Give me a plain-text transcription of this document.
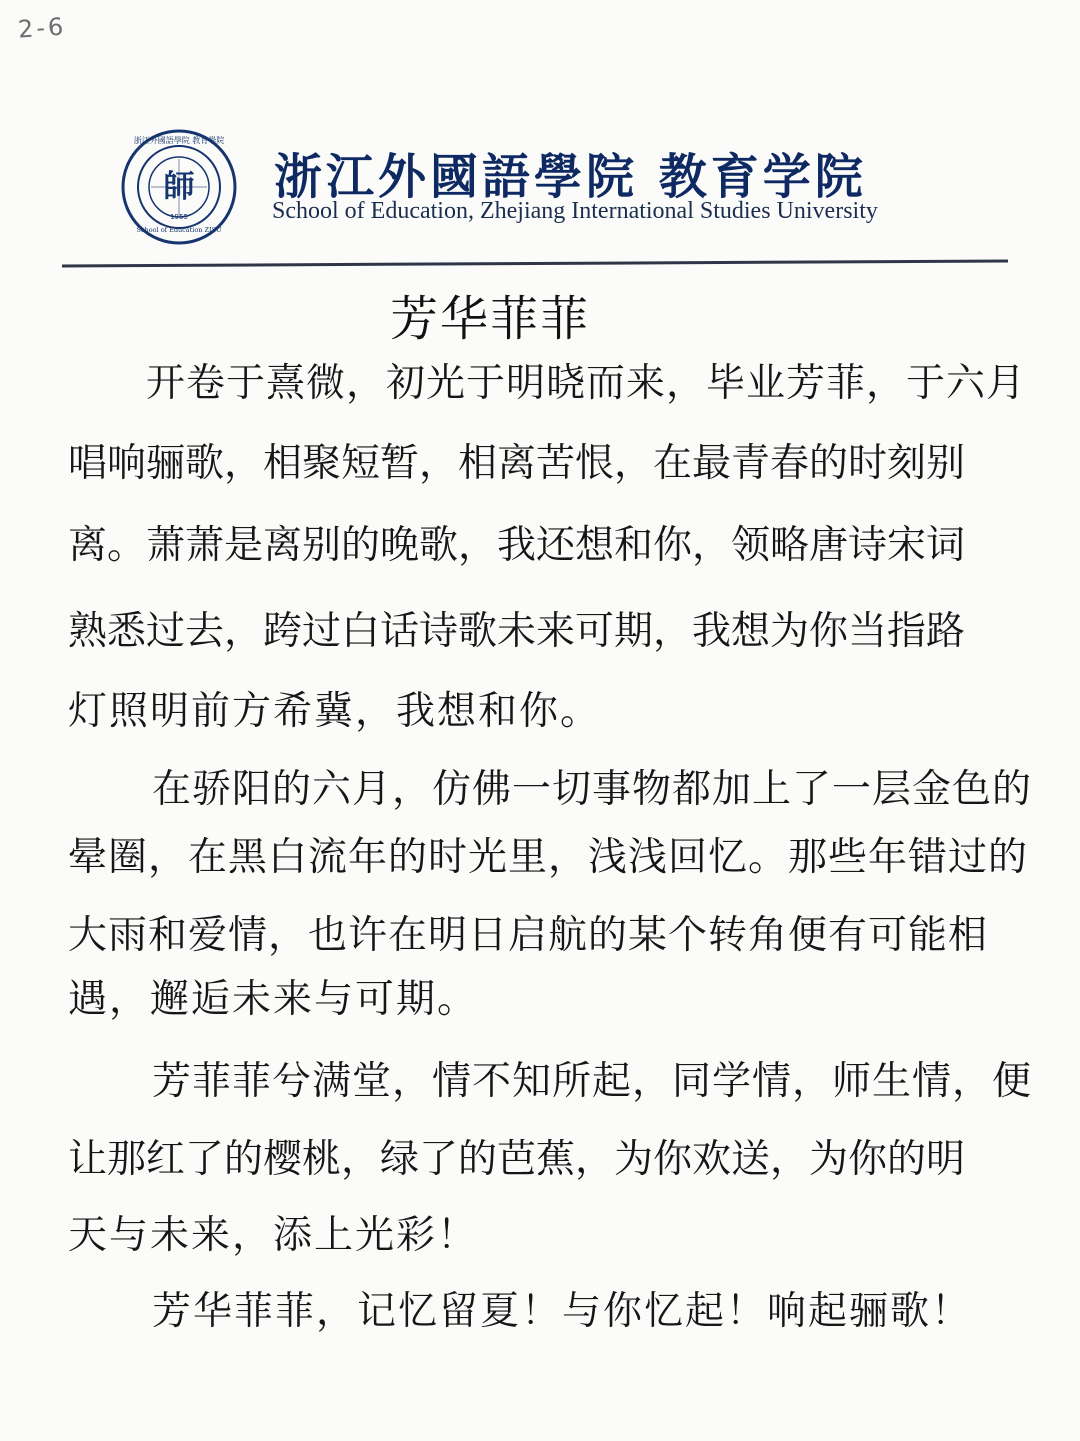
2-6
師
1955
School of Education ZISU
浙江外國語學院 教育學院
浙江外國語學院 教育学院
School of Education, Zhejiang International Studies University
芳华菲菲
开卷于熹微，初光于明晓而来，毕业芳菲，于六月
唱响骊歌，相聚短暂，相离苦恨，在最青春的时刻别
离。萧萧是离别的晚歌，我还想和你，领略唐诗宋词
熟悉过去，跨过白话诗歌未来可期，我想为你当指路
灯照明前方希冀，我想和你。
在骄阳的六月，仿佛一切事物都加上了一层金色的
晕圈，在黑白流年的时光里，浅浅回忆。那些年错过的
大雨和爱情，也许在明日启航的某个转角便有可能相
遇，邂逅未来与可期。
芳菲菲兮满堂，情不知所起，同学情，师生情，便
让那红了的樱桃，绿了的芭蕉，为你欢送，为你的明
天与未来，添上光彩！
芳华菲菲，记忆留夏！与你忆起！响起骊歌！
